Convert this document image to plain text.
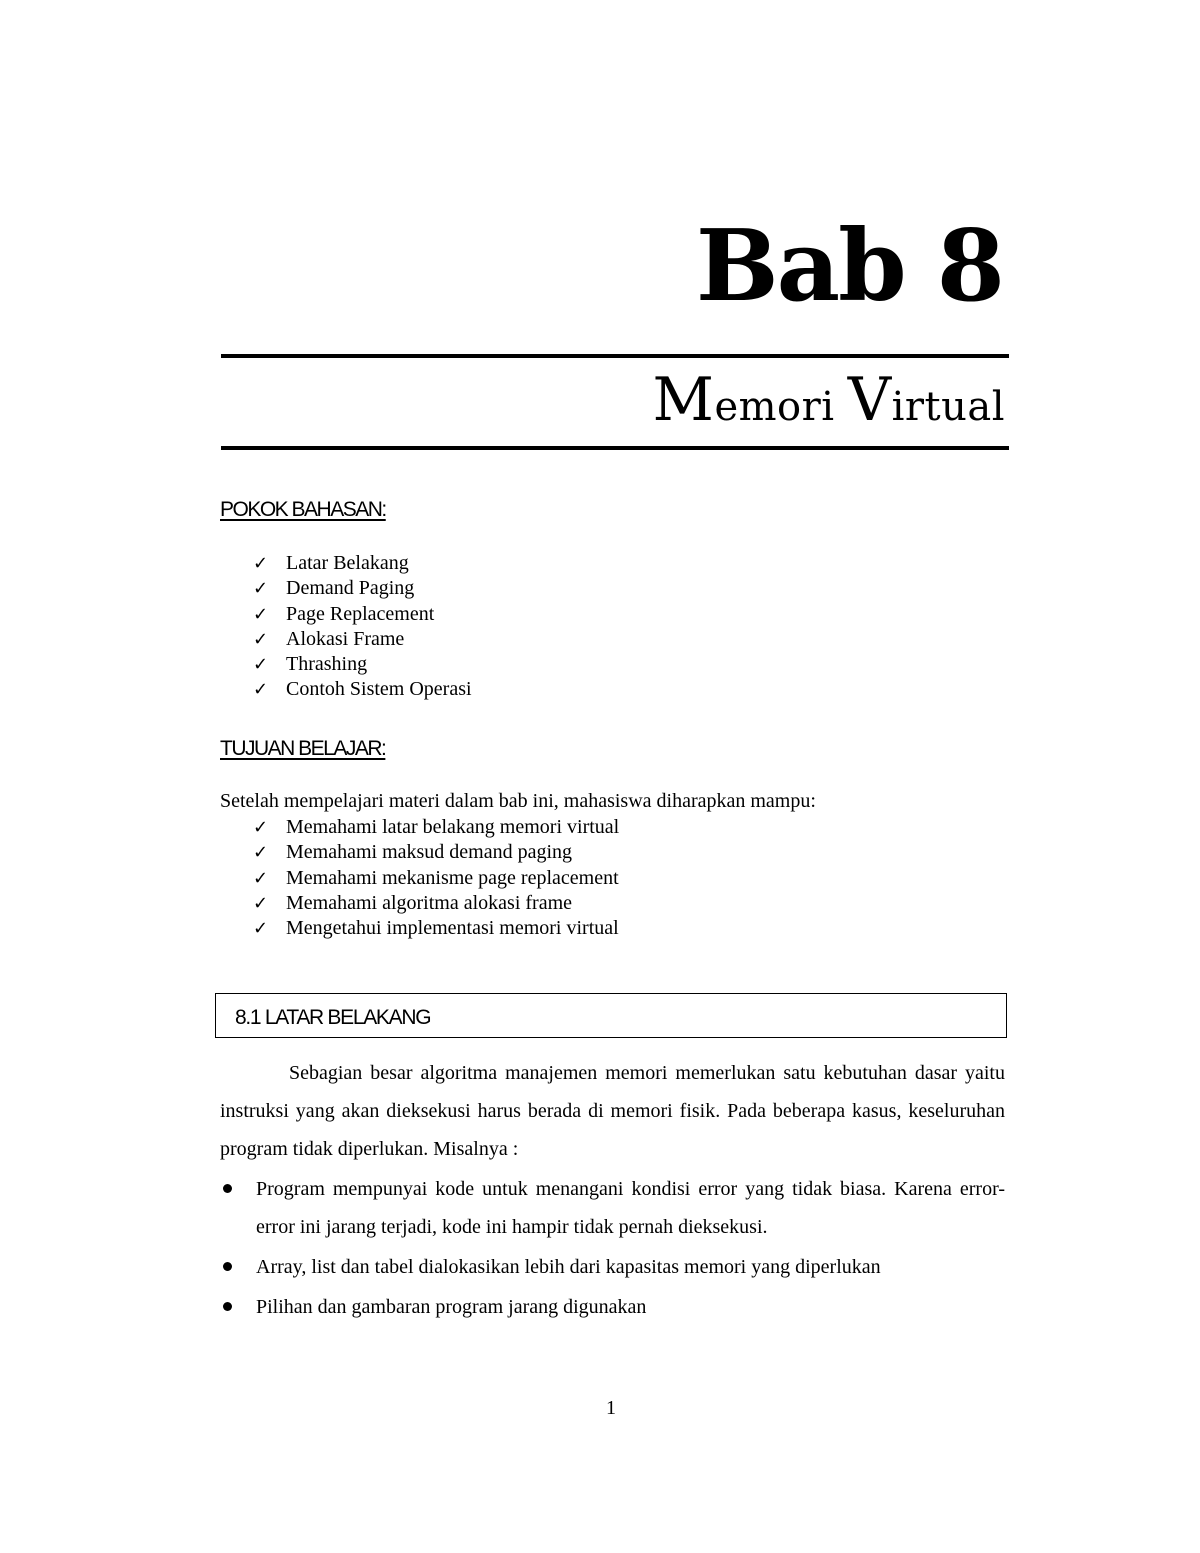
Bab 8
Memori Virtual
POKOK BAHASAN:
✓ Latar Belakang
✓ Demand Paging
✓ Page Replacement
✓ Alokasi Frame
✓ Thrashing
✓ Contoh Sistem Operasi
TUJUAN BELAJAR:
Setelah mempelajari materi dalam bab ini, mahasiswa diharapkan mampu:
✓ Memahami latar belakang memori virtual
✓ Memahami maksud demand paging
✓ Memahami mekanisme page replacement
✓ Memahami algoritma alokasi frame
✓ Mengetahui implementasi memori virtual
8.1 LATAR BELAKANG

Sebagian besar algoritma manajemen memori memerlukan satu kebutuhan dasar yaitu instruksi yang akan dieksekusi harus berada di memori fisik. Pada beberapa kasus, keseluruhan program tidak diperlukan. Misalnya :

Program mempunyai kode untuk menangani kondisi error yang tidak biasa. Karena error-error ini jarang terjadi, kode ini hampir tidak pernah dieksekusi.
Array, list dan tabel dialokasikan lebih dari kapasitas memori yang diperlukan
Pilihan dan gambaran program jarang digunakan
1
